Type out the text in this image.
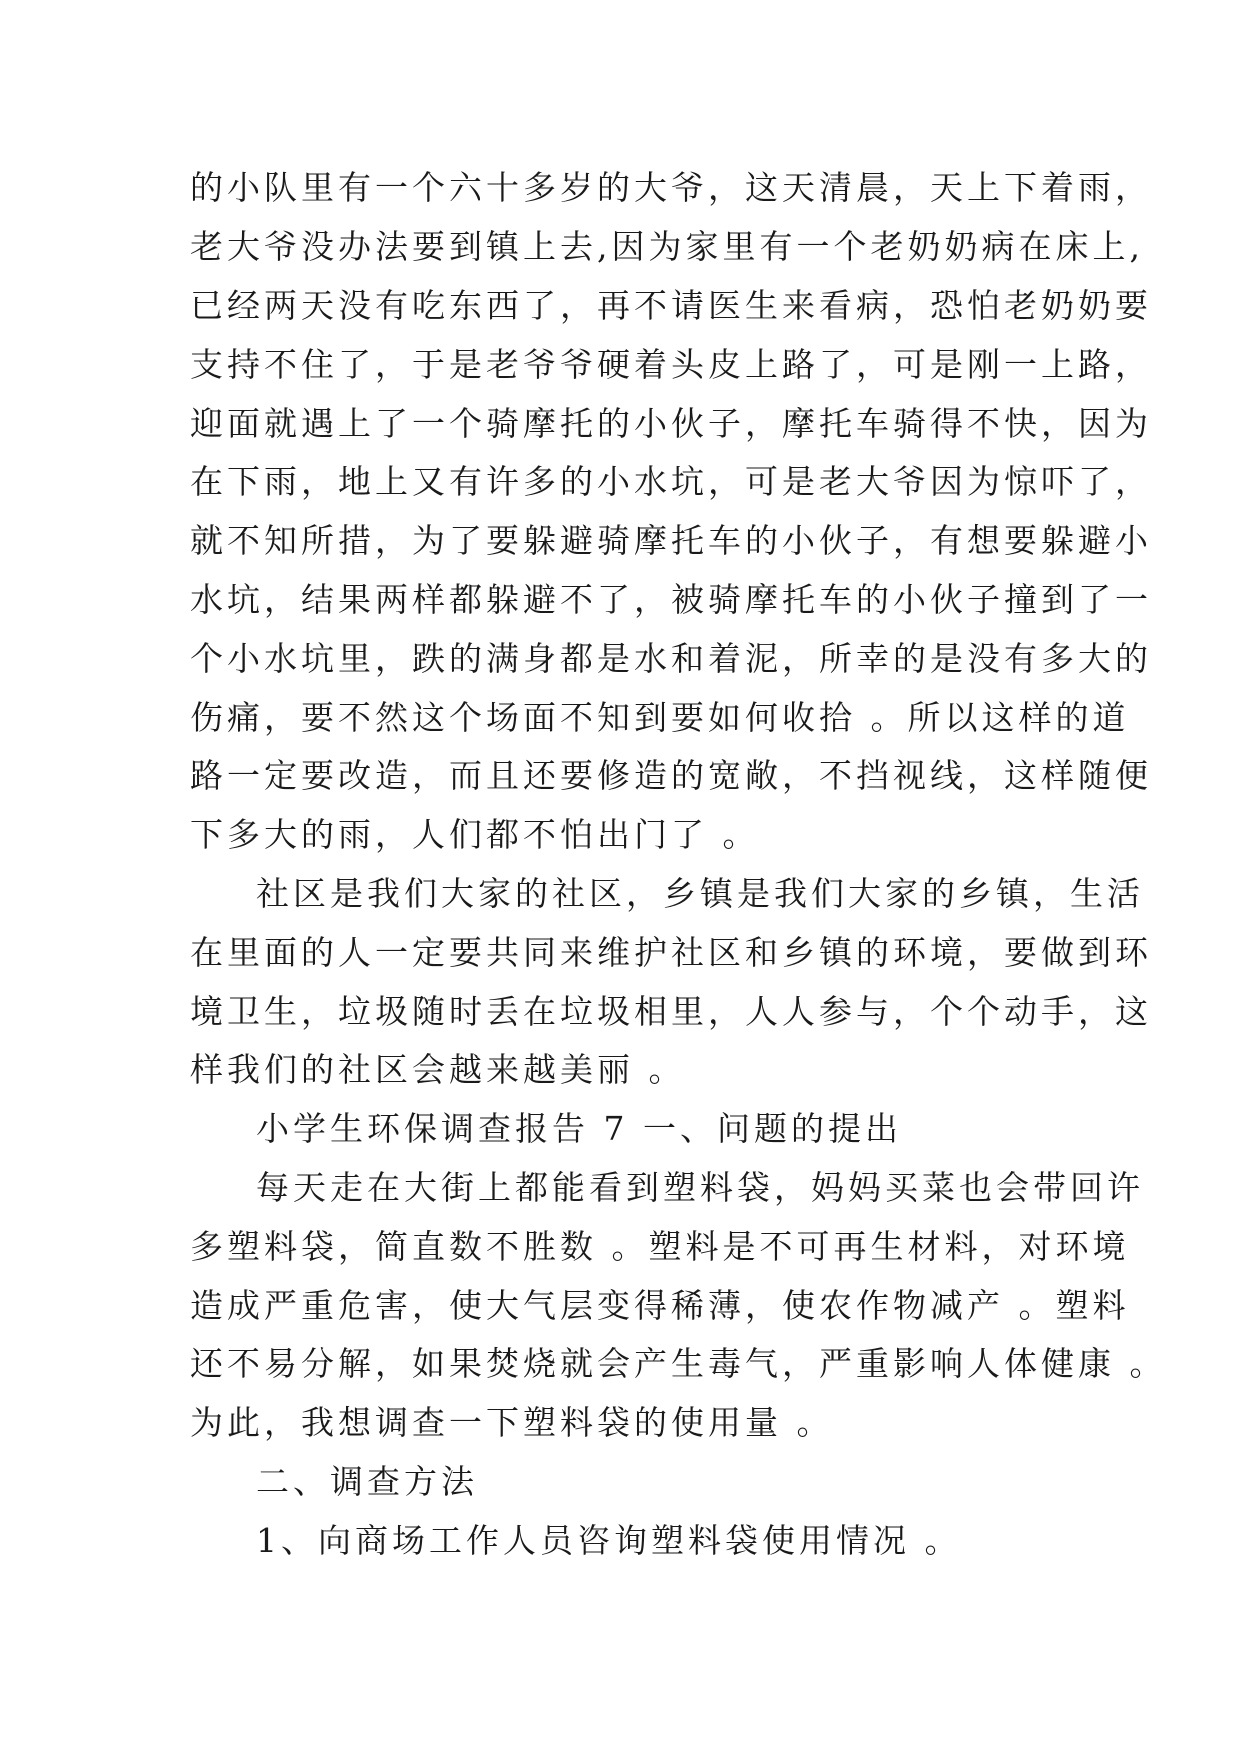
的小队里有一个六十多岁的大爷，这天清晨，天上下着雨，

老大爷没办法要到镇上去,因为家里有一个老奶奶病在床上,

已经两天没有吃东西了，再不请医生来看病，恐怕老奶奶要

支持不住了，于是老爷爷硬着头皮上路了，可是刚一上路，

迎面就遇上了一个骑摩托的小伙子，摩托车骑得不快，因为

在下雨，地上又有许多的小水坑，可是老大爷因为惊吓了，

就不知所措，为了要躲避骑摩托车的小伙子，有想要躲避小

水坑，结果两样都躲避不了，被骑摩托车的小伙子撞到了一

个小水坑里，跌的满身都是水和着泥，所幸的是没有多大的

伤痛，要不然这个场面不知到要如何收拾 。所以这样的道

路一定要改造，而且还要修造的宽敞，不挡视线，这样随便

下多大的雨，人们都不怕出门了 。

社区是我们大家的社区，乡镇是我们大家的乡镇，生活

在里面的人一定要共同来维护社区和乡镇的环境，要做到环

境卫生，垃圾随时丢在垃圾相里，人人参与，个个动手，这

样我们的社区会越来越美丽 。

小学生环保调查报告 7 一、问题的提出

每天走在大街上都能看到塑料袋，妈妈买菜也会带回许

多塑料袋，简直数不胜数 。塑料是不可再生材料，对环境

造成严重危害，使大气层变得稀薄，使农作物减产 。塑料

还不易分解，如果焚烧就会产生毒气，严重影响人体健康 。

为此，我想调查一下塑料袋的使用量 。

二、调查方法

1、向商场工作人员咨询塑料袋使用情况 。
